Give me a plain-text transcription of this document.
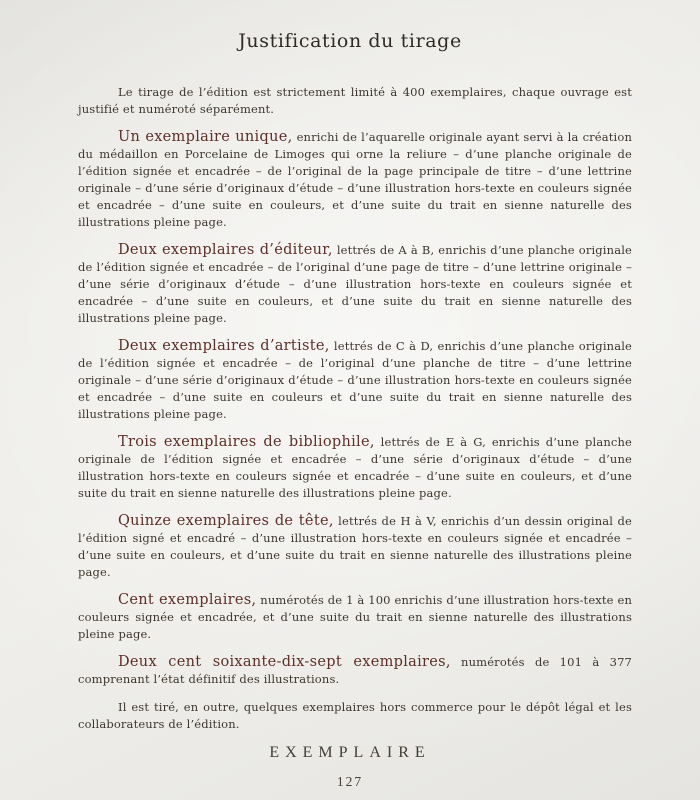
Justification du tirage

Le tirage de l’édition est strictement limité à 400 exemplaires, chaque ouvrage est justifié et numéroté séparément.

Un exemplaire unique, enrichi de l’aquarelle originale ayant servi à la création du médaillon en Porcelaine de Limoges qui orne la reliure – d’une planche originale de l’édition signée et encadrée – de l’original de la page principale de titre – d’une lettrine originale – d’une série d’originaux d’étude – d’une illustration hors-texte en couleurs signée et encadrée – d’une suite en couleurs, et d’une suite du trait en sienne naturelle des illustrations pleine page.

Deux exemplaires d’éditeur, lettrés de A à B, enrichis d’une planche originale de l’édition signée et encadrée – de l’original d’une page de titre – d’une lettrine originale – d’une série d’originaux d’étude – d’une illustration hors-texte en couleurs signée et encadrée – d’une suite en couleurs, et d’une suite du trait en sienne naturelle des illustrations pleine page.

Deux exemplaires d’artiste, lettrés de C à D, enrichis d’une planche originale de l’édition signée et encadrée – de l’original d’une planche de titre – d’une lettrine originale – d’une série d’originaux d’étude – d’une illustration hors-texte en couleurs signée et encadrée – d’une suite en couleurs et d’une suite du trait en sienne naturelle des illustrations pleine page.

Trois exemplaires de bibliophile, lettrés de E à G, enrichis d’une planche originale de l’édition signée et encadrée – d’une série d’originaux d’étude – d’une illustration hors-texte en couleurs signée et encadrée – d’une suite en couleurs, et d’une suite du trait en sienne naturelle des illustrations pleine page.

Quinze exemplaires de tête, lettrés de H à V, enrichis d’un dessin original de l’édition signé et encadré – d’une illustration hors-texte en couleurs signée et encadrée – d’une suite en couleurs, et d’une suite du trait en sienne naturelle des illustrations pleine page.

Cent exemplaires, numérotés de 1 à 100 enrichis d’une illustration hors-texte en couleurs signée et encadrée, et d’une suite du trait en sienne naturelle des illustrations pleine page.

Deux cent soixante-dix-sept exemplaires, numérotés de 101 à 377 comprenant l’état définitif des illustrations.

Il est tiré, en outre, quelques exemplaires hors commerce pour le dépôt légal et les collaborateurs de l’édition.

EXEMPLAIRE
127
